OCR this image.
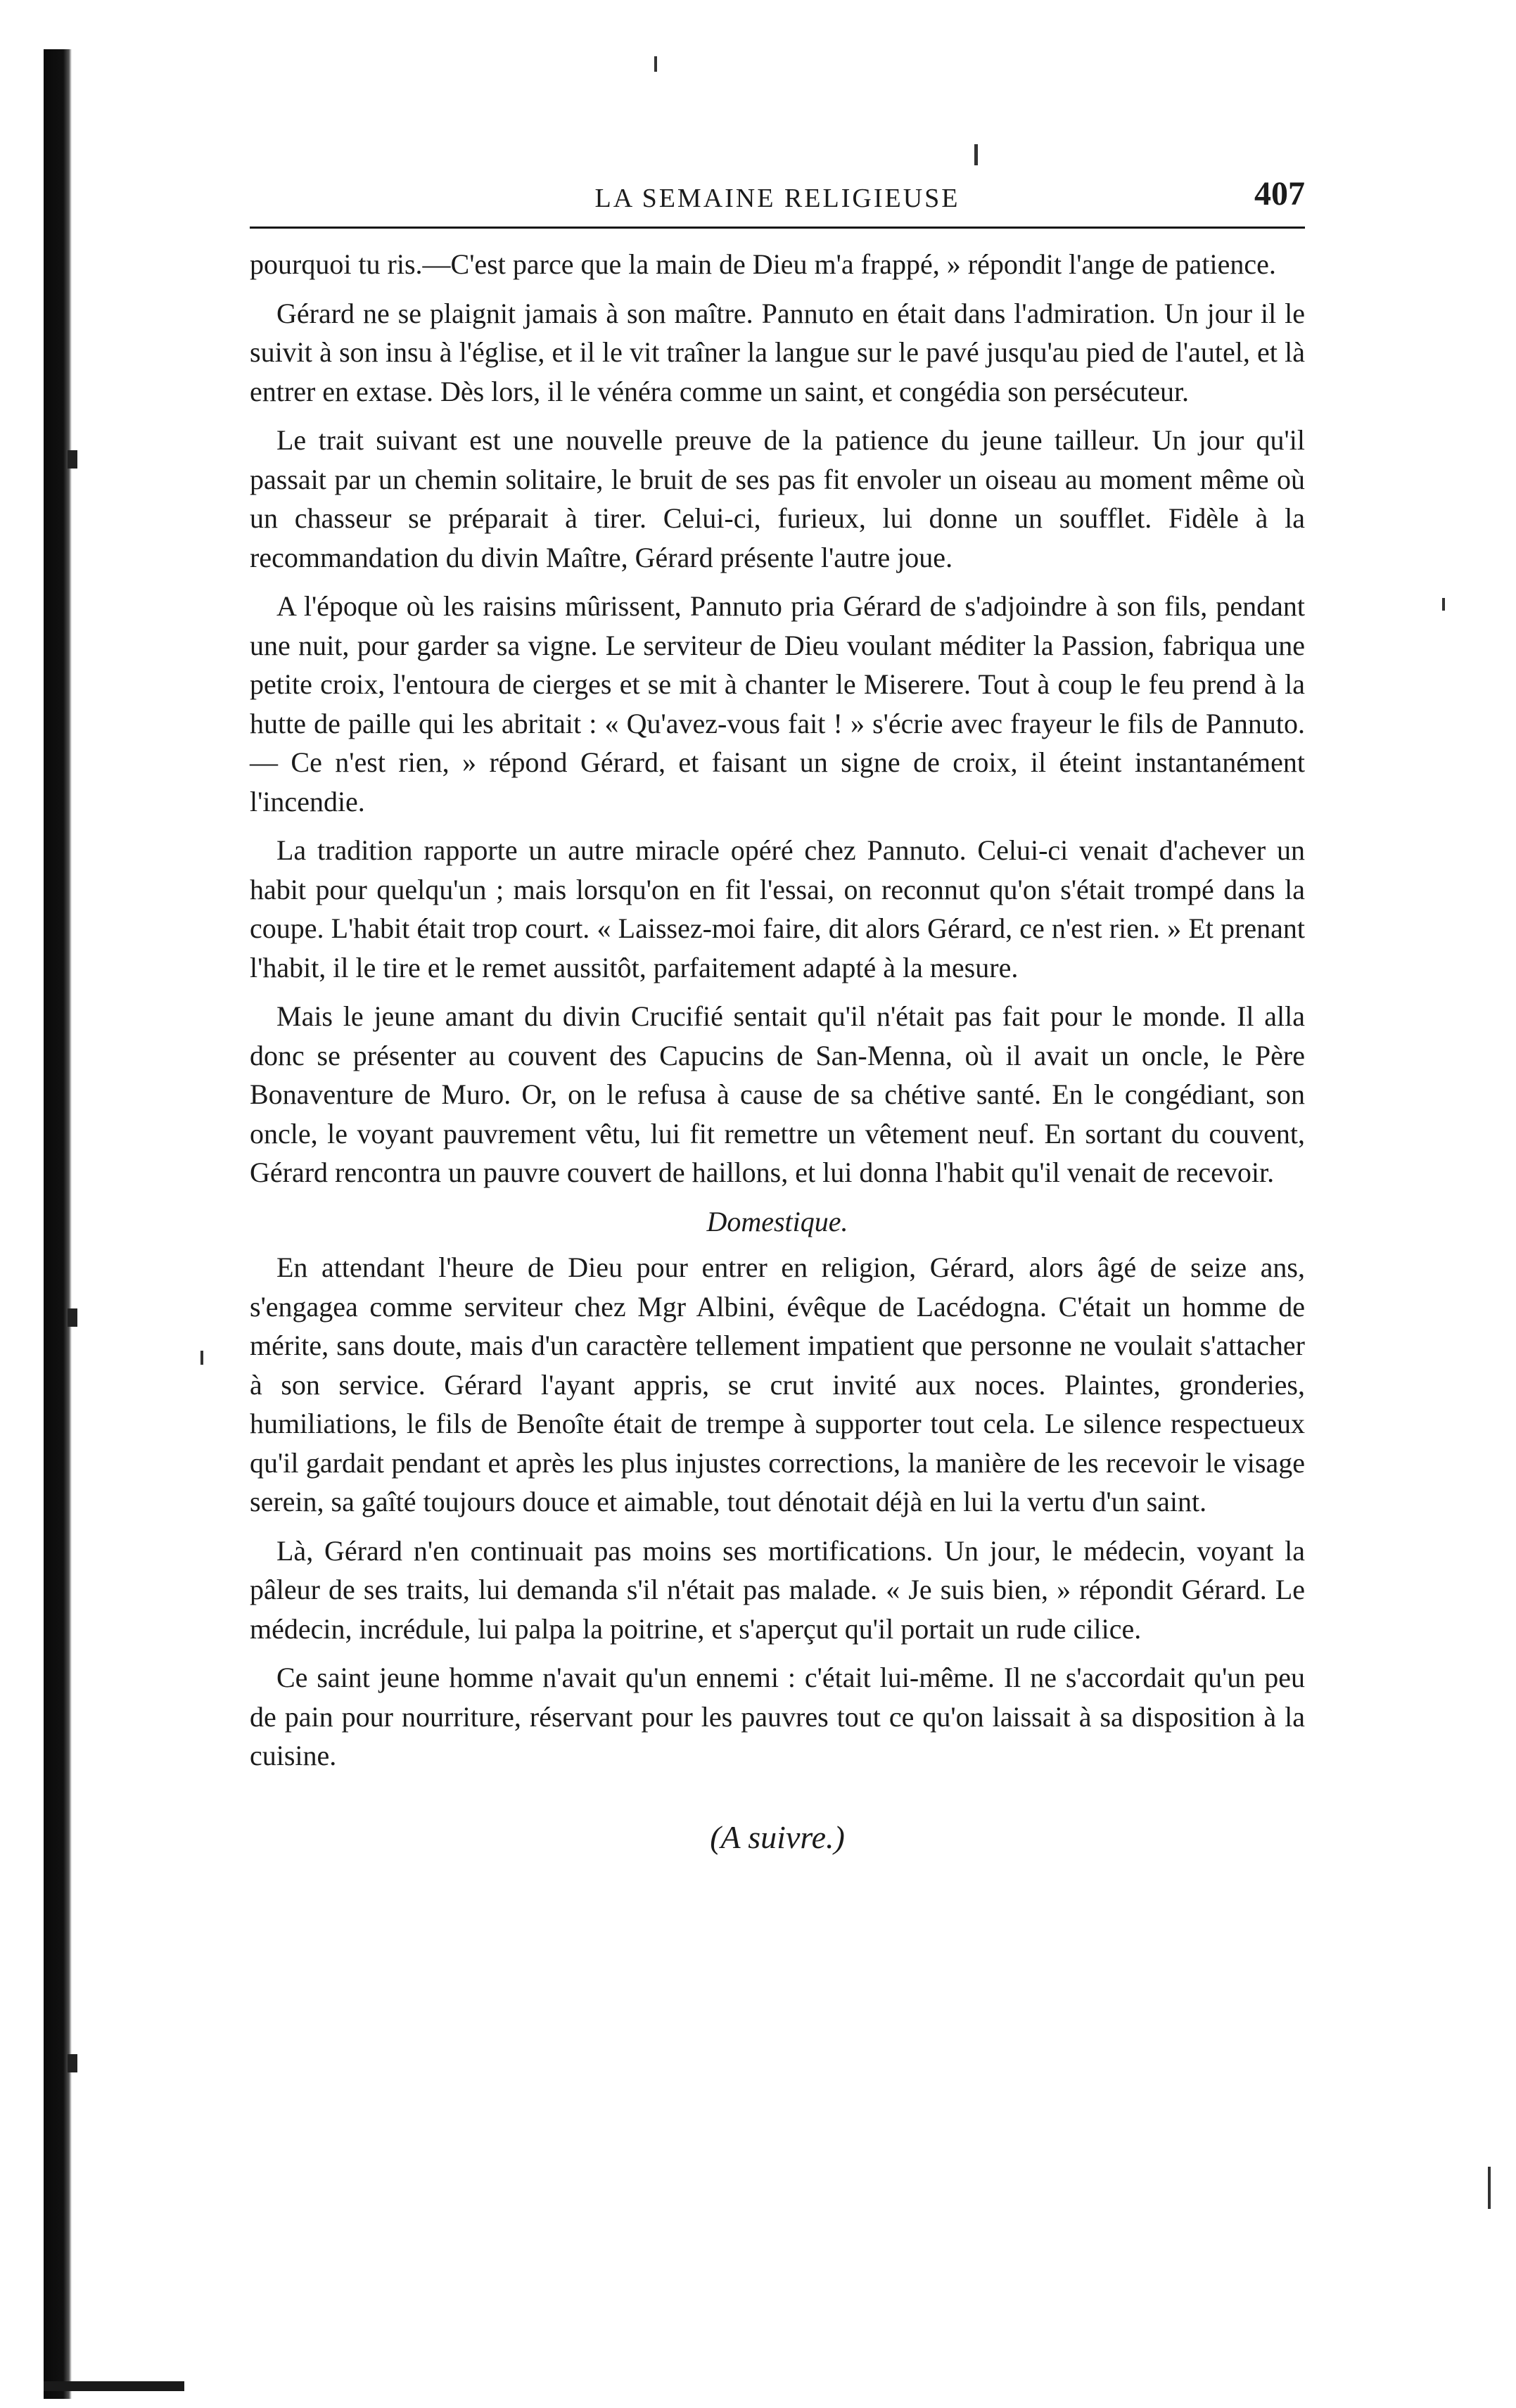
LA SEMAINE RELIGIEUSE	407

pourquoi tu ris.—C'est parce que la main de Dieu m'a frappé, » répondit l'ange de patience.

Gérard ne se plaignit jamais à son maître. Pannuto en était dans l'admiration. Un jour il le suivit à son insu à l'église, et il le vit traîner la langue sur le pavé jusqu'au pied de l'autel, et là entrer en extase. Dès lors, il le vénéra comme un saint, et congédia son persécuteur.

Le trait suivant est une nouvelle preuve de la patience du jeune tailleur. Un jour qu'il passait par un chemin solitaire, le bruit de ses pas fit envoler un oiseau au moment même où un chasseur se préparait à tirer. Celui-ci, furieux, lui donne un soufflet. Fidèle à la recommandation du divin Maître, Gérard présente l'autre joue.

A l'époque où les raisins mûrissent, Pannuto pria Gérard de s'adjoindre à son fils, pendant une nuit, pour garder sa vigne. Le serviteur de Dieu voulant méditer la Passion, fabriqua une petite croix, l'entoura de cierges et se mit à chanter le Miserere. Tout à coup le feu prend à la hutte de paille qui les abritait : « Qu'avez-vous fait ! » s'écrie avec frayeur le fils de Pannuto.— Ce n'est rien, » répond Gérard, et faisant un signe de croix, il éteint instantanément l'incendie.

La tradition rapporte un autre miracle opéré chez Pannuto. Celui-ci venait d'achever un habit pour quelqu'un ; mais lorsqu'on en fit l'essai, on reconnut qu'on s'était trompé dans la coupe. L'habit était trop court. « Laissez-moi faire, dit alors Gérard, ce n'est rien. » Et prenant l'habit, il le tire et le remet aussitôt, parfaitement adapté à la mesure.

Mais le jeune amant du divin Crucifié sentait qu'il n'était pas fait pour le monde. Il alla donc se présenter au couvent des Capucins de San-Menna, où il avait un oncle, le Père Bonaventure de Muro. Or, on le refusa à cause de sa chétive santé. En le congédiant, son oncle, le voyant pauvrement vêtu, lui fit remettre un vêtement neuf. En sortant du couvent, Gérard rencontra un pauvre couvert de haillons, et lui donna l'habit qu'il venait de recevoir.

Domestique.

En attendant l'heure de Dieu pour entrer en religion, Gérard, alors âgé de seize ans, s'engagea comme serviteur chez Mgr Albini, évêque de Lacédogna. C'était un homme de mérite, sans doute, mais d'un caractère tellement impatient que personne ne voulait s'attacher à son service. Gérard l'ayant appris, se crut invité aux noces. Plaintes, gronderies, humiliations, le fils de Benoîte était de trempe à supporter tout cela. Le silence respectueux qu'il gardait pendant et après les plus injustes corrections, la manière de les recevoir le visage serein, sa gaîté toujours douce et aimable, tout dénotait déjà en lui la vertu d'un saint.

Là, Gérard n'en continuait pas moins ses mortifications. Un jour, le médecin, voyant la pâleur de ses traits, lui demanda s'il n'était pas malade. « Je suis bien, » répondit Gérard. Le médecin, incrédule, lui palpa la poitrine, et s'aperçut qu'il portait un rude cilice.

Ce saint jeune homme n'avait qu'un ennemi : c'était lui-même. Il ne s'accordait qu'un peu de pain pour nourriture, réservant pour les pauvres tout ce qu'on laissait à sa disposition à la cuisine.

(A suivre.)
